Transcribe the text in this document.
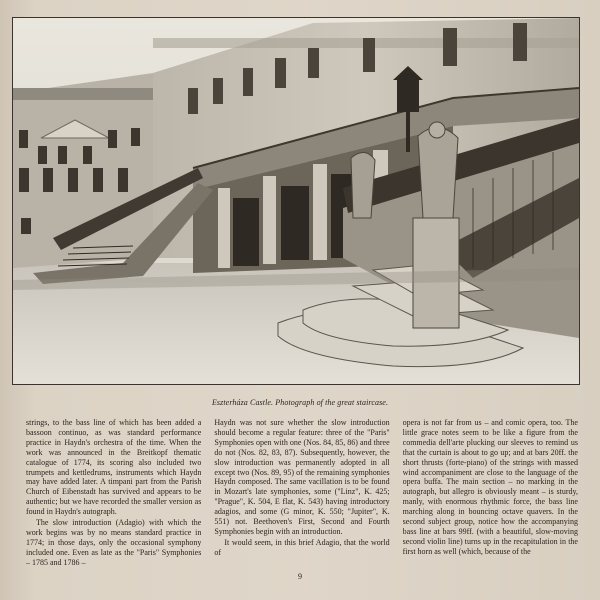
Eszterháza Castle. Photograph of the great staircase.

strings, to the bass line of which has been added a bassoon continuo, as was standard performance practice in Haydn's orchestra of the time. When the work was announced in the Breitkopf thematic catalogue of 1774, its scoring also included two trumpets and kettledrums, instruments which Haydn may have added later. A timpani part from the Parish Church of Eibenstadt has survived and appears to be authentic; but we have recorded the smaller version as found in Haydn's autograph.

The slow introduction (Adagio) with which the work begins was by no means standard practice in 1774; in those days, only the occasional symphony included one. Even as late as the "Paris" Symphonies – 1785 and 1786 –

Haydn was not sure whether the slow introduction should become a regular feature: three of the "Paris" Symphonies open with one (Nos. 84, 85, 86) and three do not (Nos. 82, 83, 87). Subsequently, however, the slow introduction was permanently adopted in all except two (Nos. 89, 95) of the remaining symphonies Haydn composed. The same vacillation is to be found in Mozart's late symphonies, some ("Linz", K. 425; "Prague", K. 504, E flat, K. 543) having introductory adagios, and some (G minor, K. 550; "Jupiter", K. 551) not. Beethoven's First, Second and Fourth Symphonies begin with an introduction.

It would seem, in this brief Adagio, that the world of

opera is not far from us – and comic opera, too. The little grace notes seem to be like a figure from the commedia dell'arte plucking our sleeves to remind us that the curtain is about to go up; and at bars 20ff. the short thrusts (forte-piano) of the strings with massed wind accompaniment are close to the language of the opera buffa. The main section – no marking in the autograph, but allegro is obviously meant – is sturdy, manly, with enormous rhythmic force, the bass line marching along in bouncing octave quavers. In the second subject group, notice how the accompanying bass line at bars 99ff. (with a beautiful, slow-moving second violin line) turns up in the recapitulation in the first horn as well (which, because of the

9
